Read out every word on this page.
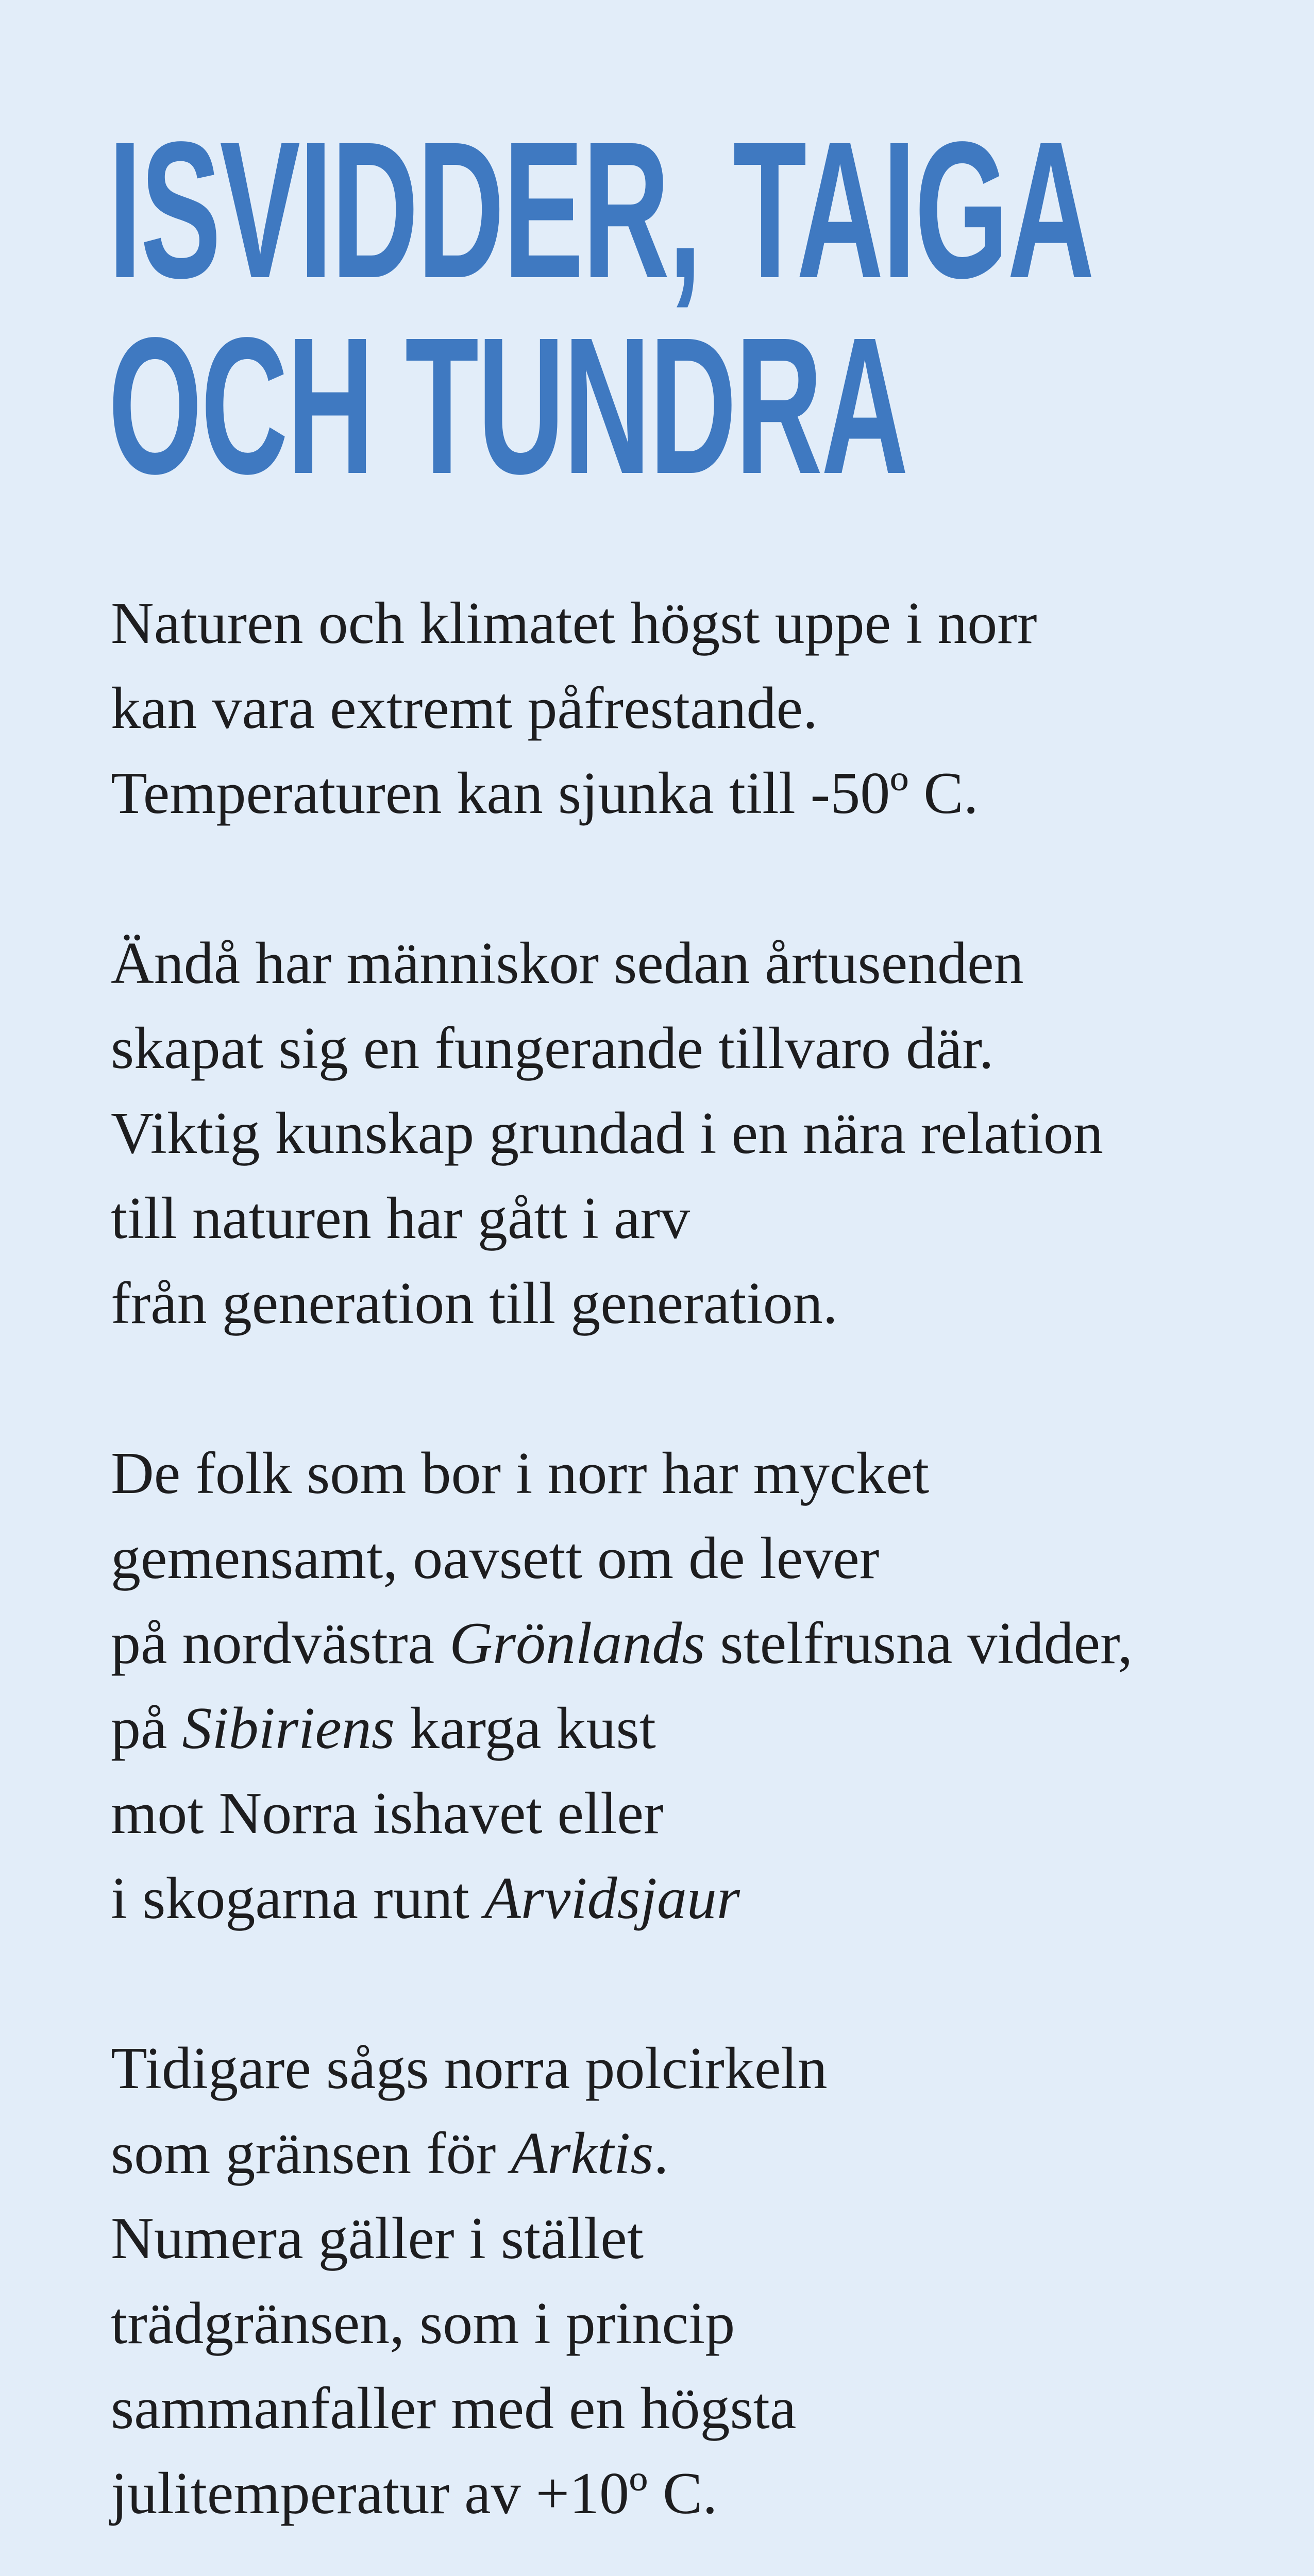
ISVIDDER, TAIGA
OCH TUNDRA

Naturen och klimatet högst uppe i norr
kan vara extremt påfrestande.
Temperaturen kan sjunka till -50º C.

Ändå har människor sedan årtusenden
skapat sig en fungerande tillvaro där.
Viktig kunskap grundad i en nära relation
till naturen har gått i arv
från generation till generation.

De folk som bor i norr har mycket
gemensamt, oavsett om de lever
på nordvästra Grönlands stelfrusna vidder,
på Sibiriens karga kust
mot Norra ishavet eller
i skogarna runt Arvidsjaur

Tidigare sågs norra polcirkeln
som gränsen för Arktis.
Numera gäller i stället
trädgränsen, som i princip
sammanfaller med en högsta
julitemperatur av +10º C.
